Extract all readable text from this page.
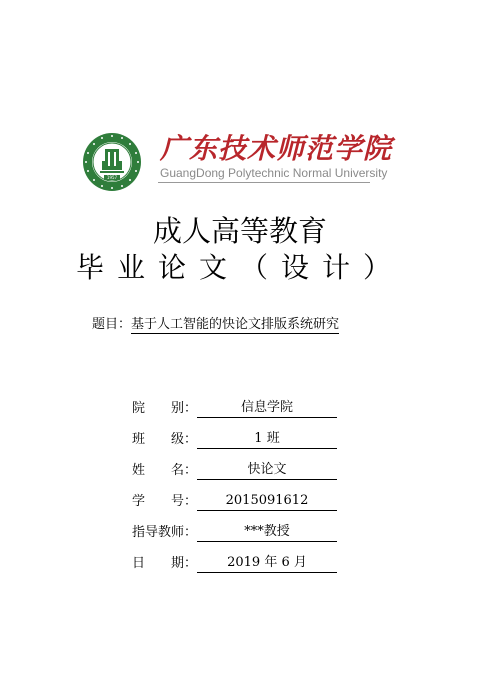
1957
广东技术师范学院
GuangDong Polytechnic Normal University
成人高等教育
毕业论文（设计）
题目：基于人工智能的快论文排版系统研究
院　　别：	信息学院
班　　级：	1 班
姓　　名：	快论文
学　　号：	2015091612
指导教师：	***教授
日　　期：	2019 年 6 月
